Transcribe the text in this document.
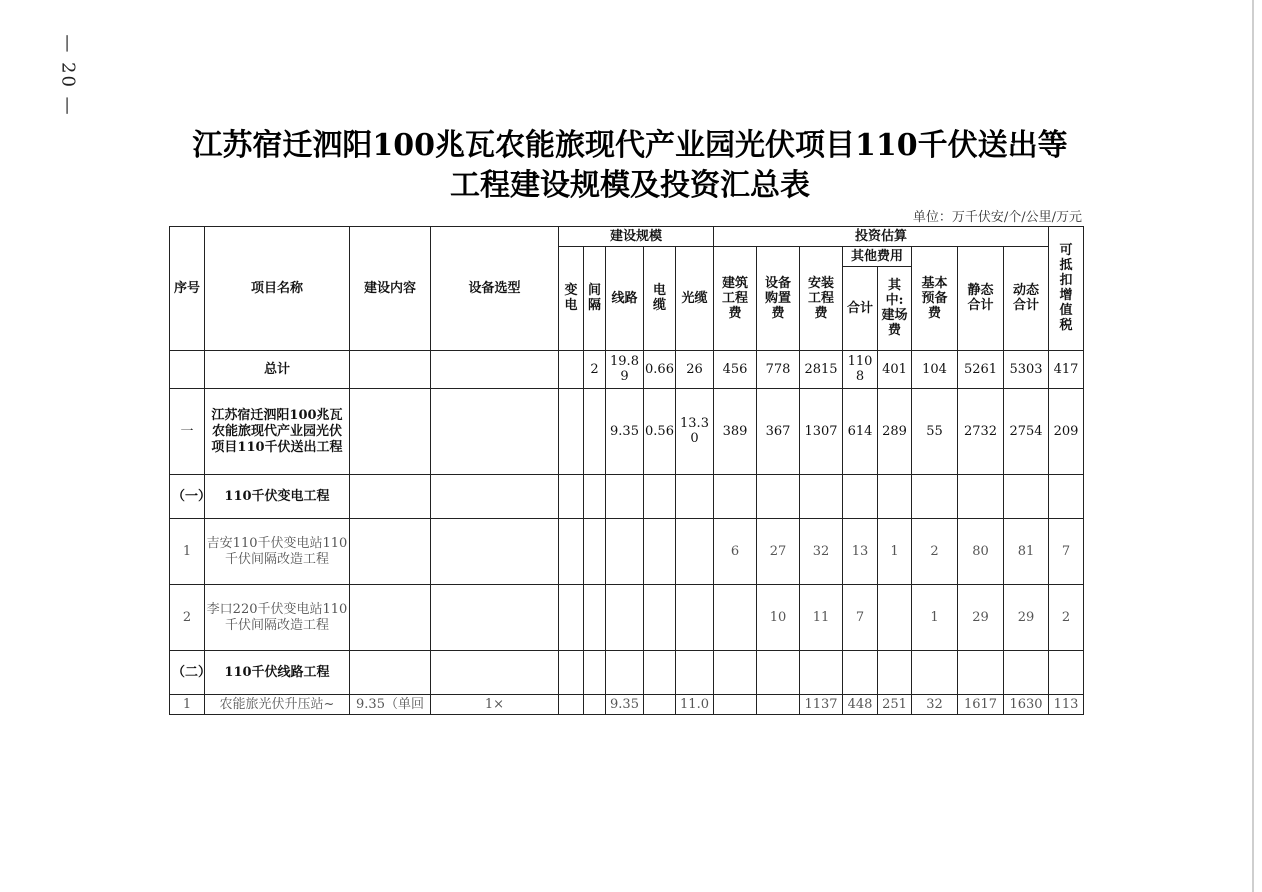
— 20 —
江苏宿迁泗阳100兆瓦农能旅现代产业园光伏项目110千伏送出等
工程建设规模及投资汇总表
单位：万千伏安/个/公里/万元
序号	项目名称	建设内容	设备选型	建设规模					投资估算								可抵扣增值税
				变电	间隔	线路	电缆	光缆	建筑工程费	设备购置费	安装工程费	其他费用		基本预备费	静态合计	动态合计	
												合计	其中:建场费				
	总计				2	19.89	0.66	26	456	778	2815	1108	401	104	5261	5303	417
一	江苏宿迁泗阳100兆瓦农能旅现代产业园光伏项目110千伏送出工程					9.35	0.56	13.30	389	367	1307	614	289	55	2732	2754	209
（一）	110千伏变电工程																
1	吉安110千伏变电站110千伏间隔改造工程								6	27	32	13	1	2	80	81	7
2	李口220千伏变电站110千伏间隔改造工程									10	11	7		1	29	29	2
（二）	110千伏线路工程																
1	农能旅光伏升压站~	9.35（单回	1×			9.35		11.0			1137	448	251	32	1617	1630	113
